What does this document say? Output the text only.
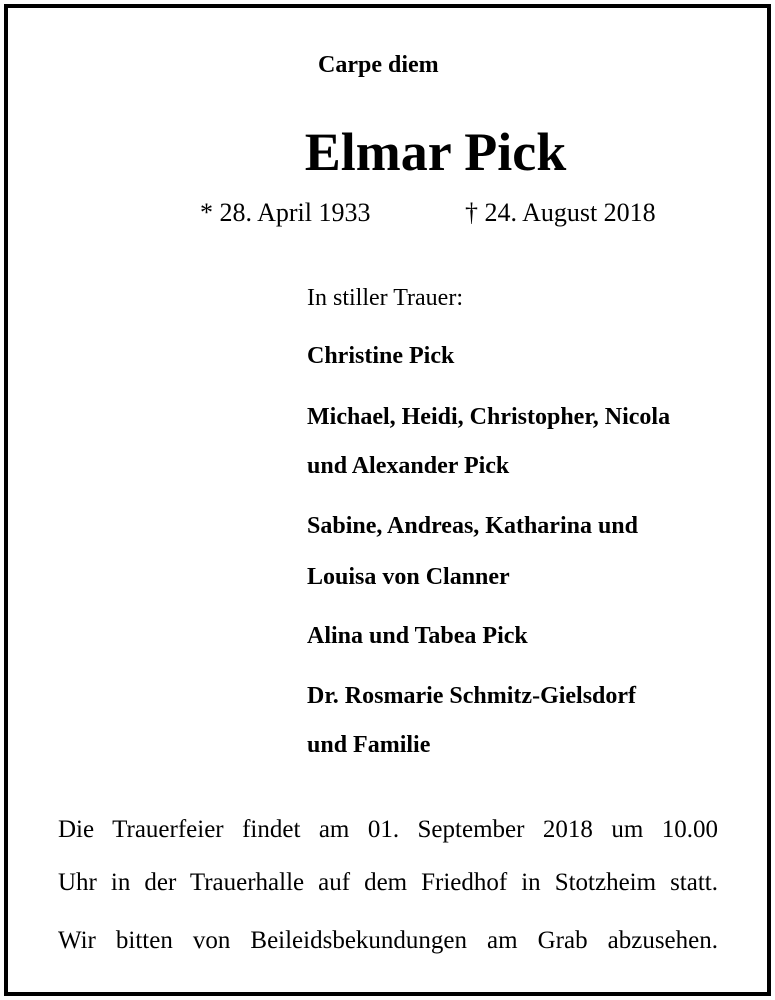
Carpe diem
Elmar Pick
* 28. April 1933	† 24. August 2018
In stiller Trauer:
Christine Pick
Michael, Heidi, Christopher, Nicola
und Alexander Pick
Sabine, Andreas, Katharina und
Louisa von Clanner
Alina und Tabea Pick
Dr. Rosmarie Schmitz-Gielsdorf
und Familie
Die Trauerfeier findet am 01. September 2018 um 10.00
Uhr in der Trauerhalle auf dem Friedhof in Stotzheim statt.
Wir bitten von Beileidsbekundungen am Grab abzusehen.
